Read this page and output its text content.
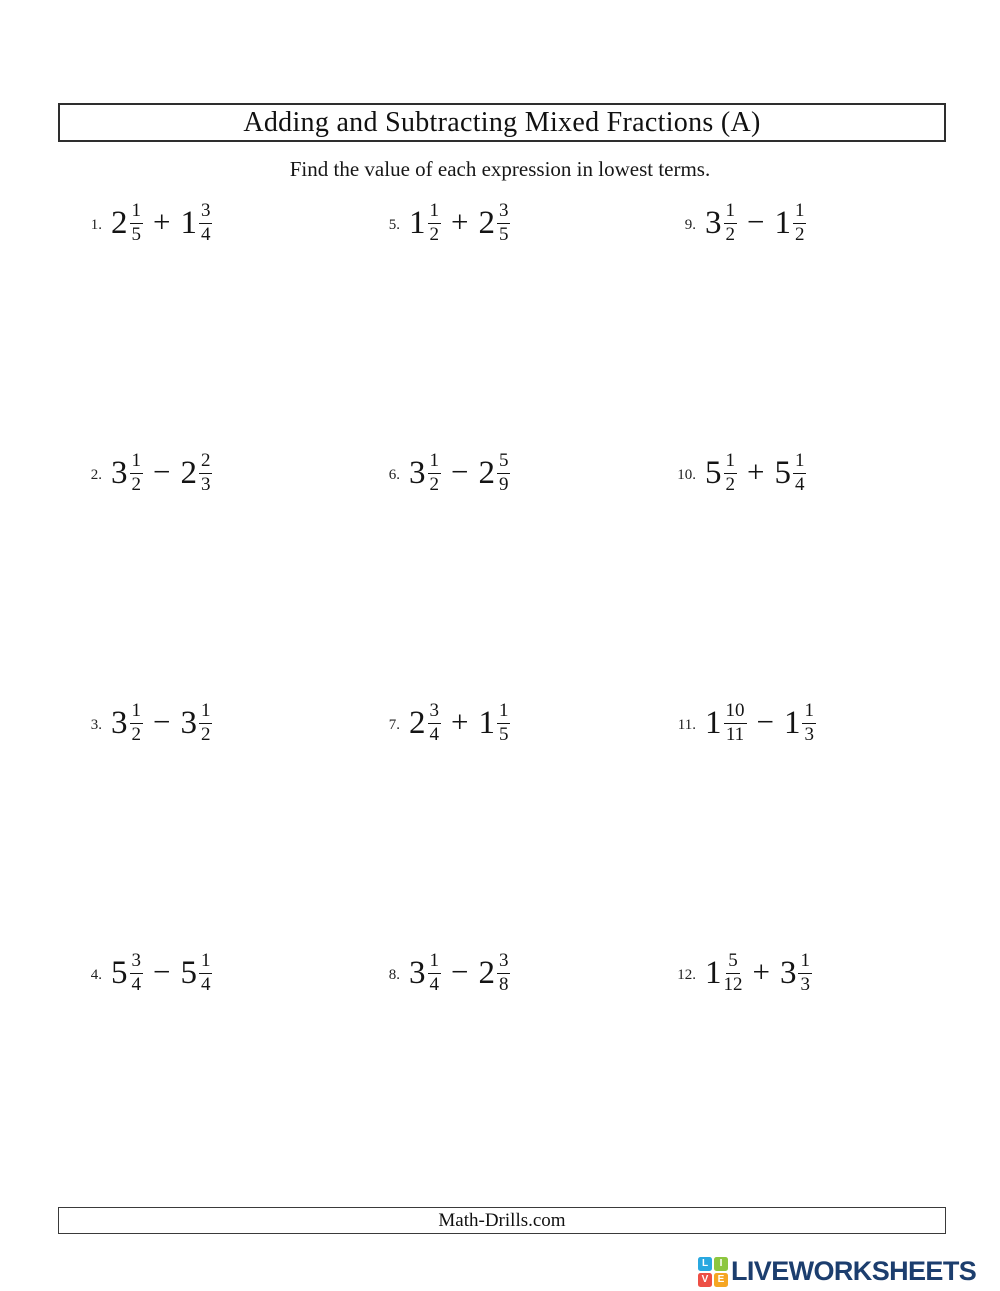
Adding and Subtracting Mixed Fractions (A)
Find the value of each expression in lowest terms.
1. $2 \frac{1}{5} + 1 \frac{3}{4}$	5. $1 \frac{1}{2} + 2 \frac{3}{5}$	9. $3 \frac{1}{2} - 1 \frac{1}{2}$
2. $3 \frac{1}{2} - 2 \frac{2}{3}$	6. $3 \frac{1}{2} - 2 \frac{5}{9}$	10. $5 \frac{1}{2} + 5 \frac{1}{4}$
3. $3 \frac{1}{2} - 3 \frac{1}{2}$	7. $2 \frac{3}{4} + 1 \frac{1}{5}$	11. $1 \frac{10}{11} - 1 \frac{1}{3}$
4. $5 \frac{3}{4} - 5 \frac{1}{4}$	8. $3 \frac{1}{4} - 2 \frac{3}{8}$	12. $1 \frac{5}{12} + 3 \frac{1}{3}$
Math-Drills.com
L	I
V E LIVEWORKSHEETS
